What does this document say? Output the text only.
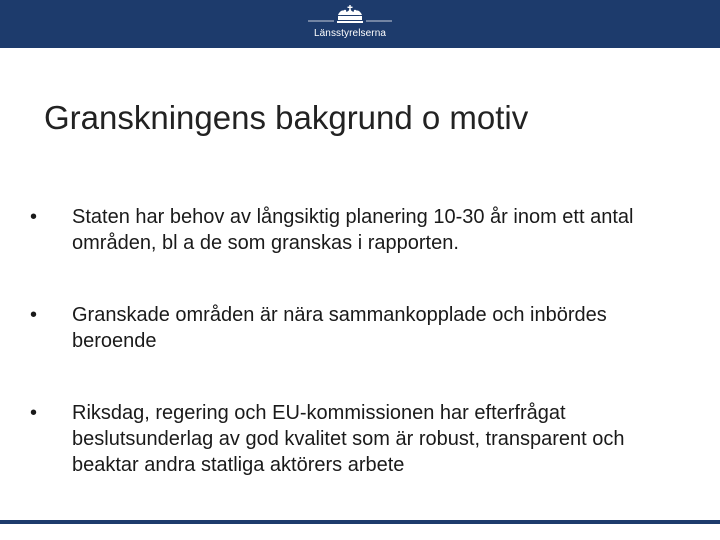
Länsstyrelserna
Granskningens bakgrund o motiv
•	Staten har behov av långsiktig planering 10-30 år inom ett antal områden, bl a de som granskas i rapporten.
•	Granskade områden är nära sammankopplade och inbördes beroende
•	Riksdag, regering och EU-kommissionen har efterfrågat beslutsunderlag av god kvalitet som är robust, transparent och beaktar andra statliga aktörers arbete
